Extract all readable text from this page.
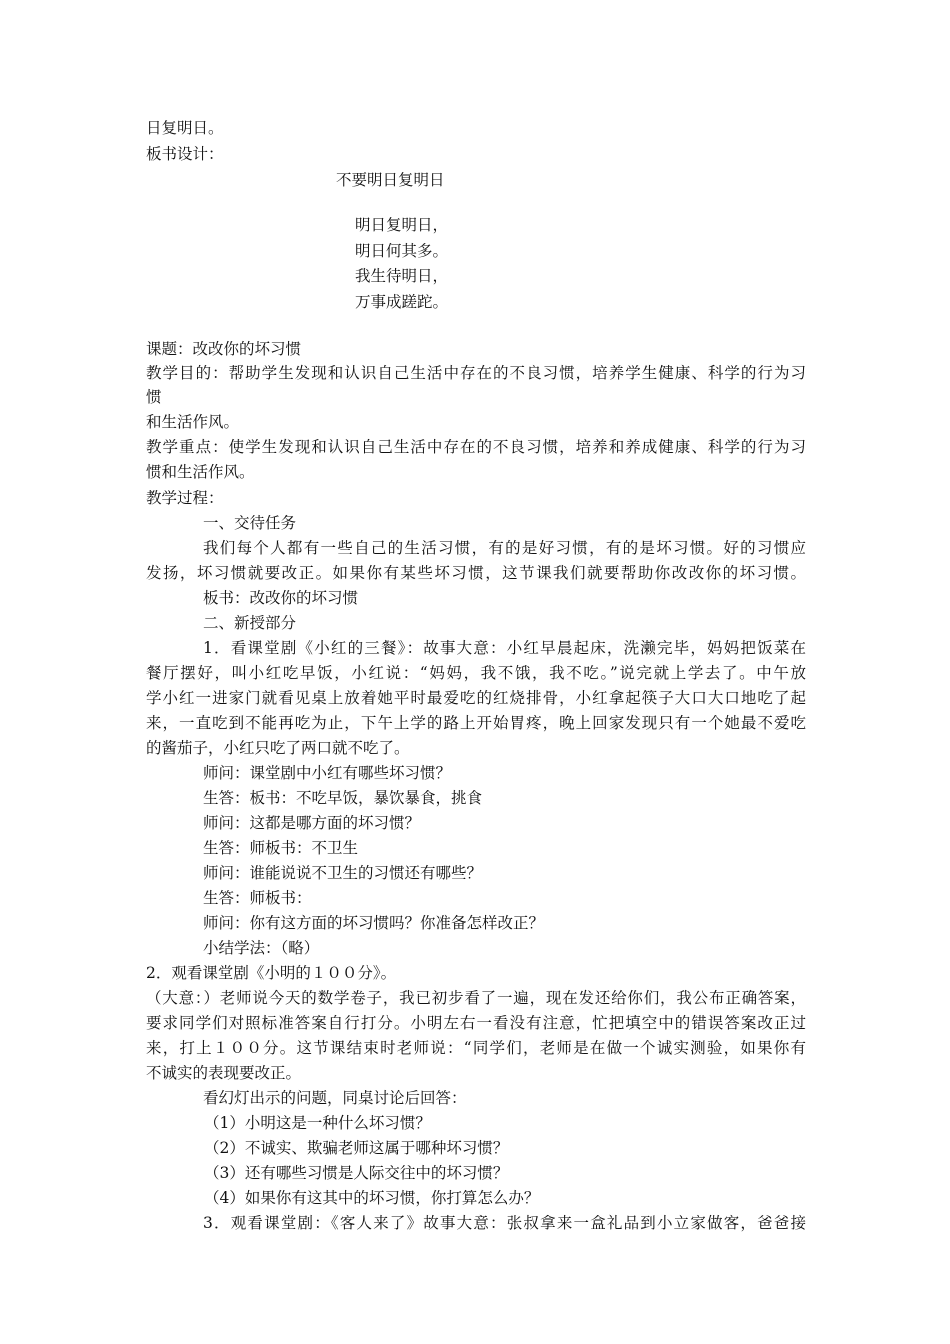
日复明日。
板书设计：
不要明日复明日
明日复明日，
明日何其多。
我生待明日，
万事成蹉跎。
课题：改改你的坏习惯
教学目的：帮助学生发现和认识自己生活中存在的不良习惯，培养学生健康、科学的行为习
惯
和生活作风。
教学重点：使学生发现和认识自己生活中存在的不良习惯，培养和养成健康、科学的行为习
惯和生活作风。
教学过程：
一、交待任务
我们每个人都有一些自己的生活习惯，有的是好习惯，有的是坏习惯。好的习惯应
发扬，坏习惯就要改正。如果你有某些坏习惯，这节课我们就要帮助你改改你的坏习惯。
板书：改改你的坏习惯
二、新授部分
1．看课堂剧《小红的三餐》：故事大意：小红早晨起床，洗濑完毕，妈妈把饭菜在
餐厅摆好，叫小红吃早饭，小红说：“妈妈，我不饿，我不吃。”说完就上学去了。中午放
学小红一进家门就看见桌上放着她平时最爱吃的红烧排骨，小红拿起筷子大口大口地吃了起
来，一直吃到不能再吃为止，下午上学的路上开始胃疼，晚上回家发现只有一个她最不爱吃
的酱茄子，小红只吃了两口就不吃了。
师问：课堂剧中小红有哪些坏习惯？
生答：板书：不吃早饭，暴饮暴食，挑食
师问：这都是哪方面的坏习惯？
生答：师板书：不卫生
师问：谁能说说不卫生的习惯还有哪些？
生答：师板书：
师问：你有这方面的坏习惯吗？你准备怎样改正？
小结学法：（略）
2．观看课堂剧《小明的１００分》。
（大意：）老师说今天的数学卷子，我已初步看了一遍，现在发还给你们，我公布正确答案，
要求同学们对照标准答案自行打分。小明左右一看没有注意，忙把填空中的错误答案改正过
来，打上１００分。这节课结束时老师说：“同学们，老师是在做一个诚实测验，如果你有
不诚实的表现要改正。
看幻灯出示的问题，同桌讨论后回答：
（1）小明这是一种什么坏习惯？
（2）不诚实、欺骗老师这属于哪种坏习惯？
（3）还有哪些习惯是人际交往中的坏习惯？
（4）如果你有这其中的坏习惯，你打算怎么办？
3．观看课堂剧：《客人来了》故事大意：张叔拿来一盒礼品到小立家做客，爸爸接
